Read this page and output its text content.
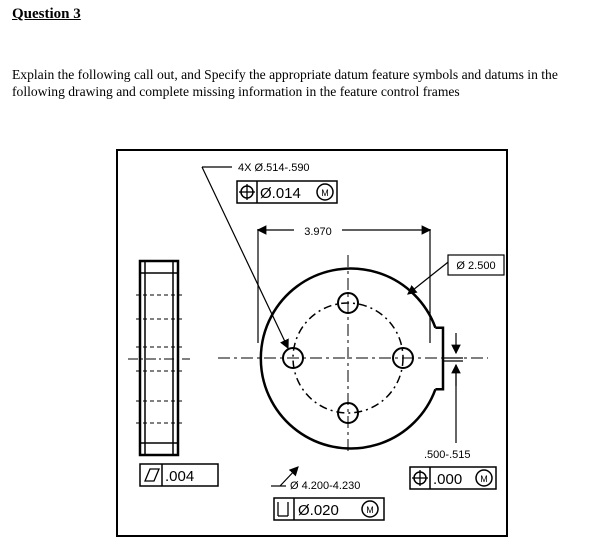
Question 3
Explain the following call out, and Specify the appropriate datum feature symbols and datums in the following drawing and complete missing information in the feature control frames
3.970
4X Ø.514-.590
Ø.014 M
Ø 2.500
.500-.515
.000 M
.004
Ø 4.200-4.230
Ø.020	M
